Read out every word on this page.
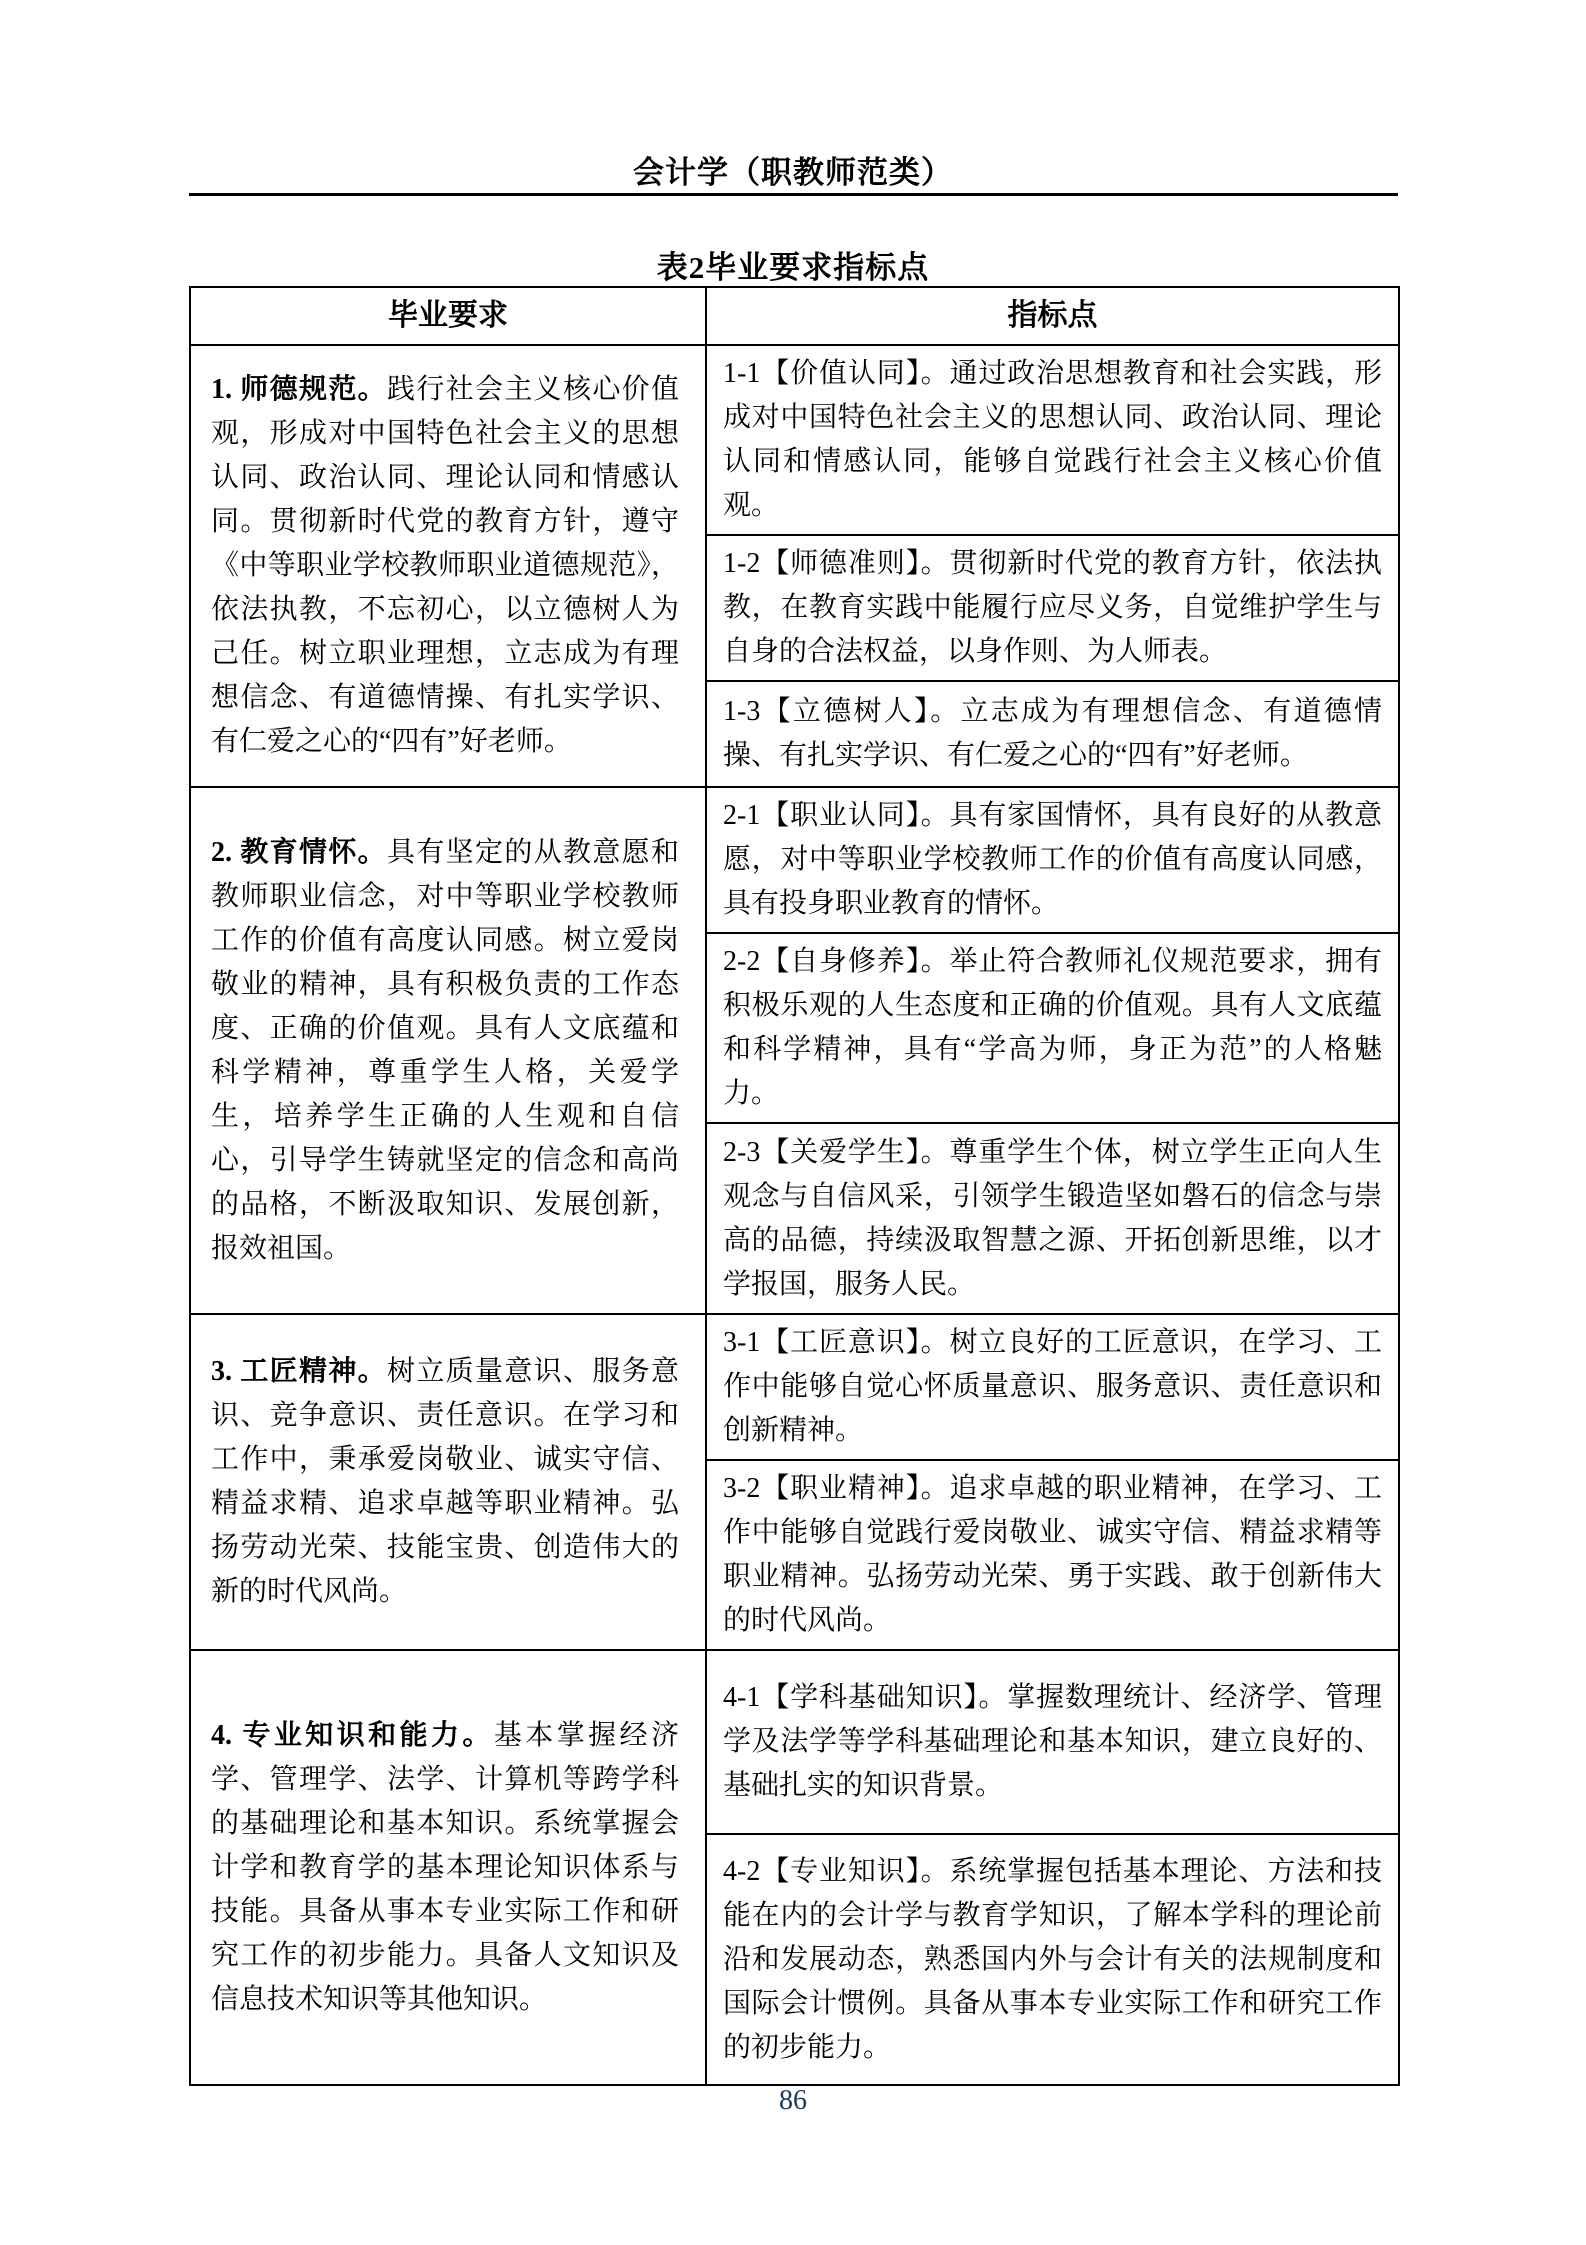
会计学（职教师范类）
表2毕业要求指标点
毕业要求	指标点
1. 师德规范。践行社会主义核心价值观，形成对中国特色社会主义的思想认同、政治认同、理论认同和情感认同。贯彻新时代党的教育方针，遵守《中等职业学校教师职业道德规范》，依法执教，不忘初心，以立德树人为己任。树立职业理想，立志成为有理想信念、有道德情操、有扎实学识、有仁爱之心的“四有”好老师。	1-1【价值认同】。通过政治思想教育和社会实践，形成对中国特色社会主义的思想认同、政治认同、理论认同和情感认同，能够自觉践行社会主义核心价值观。
	1-2【师德准则】。贯彻新时代党的教育方针，依法执教，在教育实践中能履行应尽义务，自觉维护学生与自身的合法权益，以身作则、为人师表。
	1-3【立德树人】。立志成为有理想信念、有道德情操、有扎实学识、有仁爱之心的“四有”好老师。
2. 教育情怀。具有坚定的从教意愿和教师职业信念，对中等职业学校教师工作的价值有高度认同感。树立爱岗敬业的精神，具有积极负责的工作态度、正确的价值观。具有人文底蕴和科学精神，尊重学生人格，关爱学生，培养学生正确的人生观和自信心，引导学生铸就坚定的信念和高尚的品格，不断汲取知识、发展创新，报效祖国。	2-1【职业认同】。具有家国情怀，具有良好的从教意愿，对中等职业学校教师工作的价值有高度认同感，具有投身职业教育的情怀。
	2-2【自身修养】。举止符合教师礼仪规范要求，拥有积极乐观的人生态度和正确的价值观。具有人文底蕴和科学精神，具有“学高为师，身正为范”的人格魅力。
	2-3【关爱学生】。尊重学生个体，树立学生正向人生观念与自信风采，引领学生锻造坚如磐石的信念与崇高的品德，持续汲取智慧之源、开拓创新思维，以才学报国，服务人民。
3. 工匠精神。树立质量意识、服务意识、竞争意识、责任意识。在学习和工作中，秉承爱岗敬业、诚实守信、精益求精、追求卓越等职业精神。弘扬劳动光荣、技能宝贵、创造伟大的新的时代风尚。	3-1【工匠意识】。树立良好的工匠意识，在学习、工作中能够自觉心怀质量意识、服务意识、责任意识和创新精神。
	3-2【职业精神】。追求卓越的职业精神，在学习、工作中能够自觉践行爱岗敬业、诚实守信、精益求精等职业精神。弘扬劳动光荣、勇于实践、敢于创新伟大的时代风尚。
4. 专业知识和能力。基本掌握经济学、管理学、法学、计算机等跨学科的基础理论和基本知识。系统掌握会计学和教育学的基本理论知识体系与技能。具备从事本专业实际工作和研究工作的初步能力。具备人文知识及信息技术知识等其他知识。	4-1【学科基础知识】。掌握数理统计、经济学、管理学及法学等学科基础理论和基本知识，建立良好的、基础扎实的知识背景。
	4-2【专业知识】。系统掌握包括基本理论、方法和技能在内的会计学与教育学知识，了解本学科的理论前沿和发展动态，熟悉国内外与会计有关的法规制度和国际会计惯例。具备从事本专业实际工作和研究工作的初步能力。
86
